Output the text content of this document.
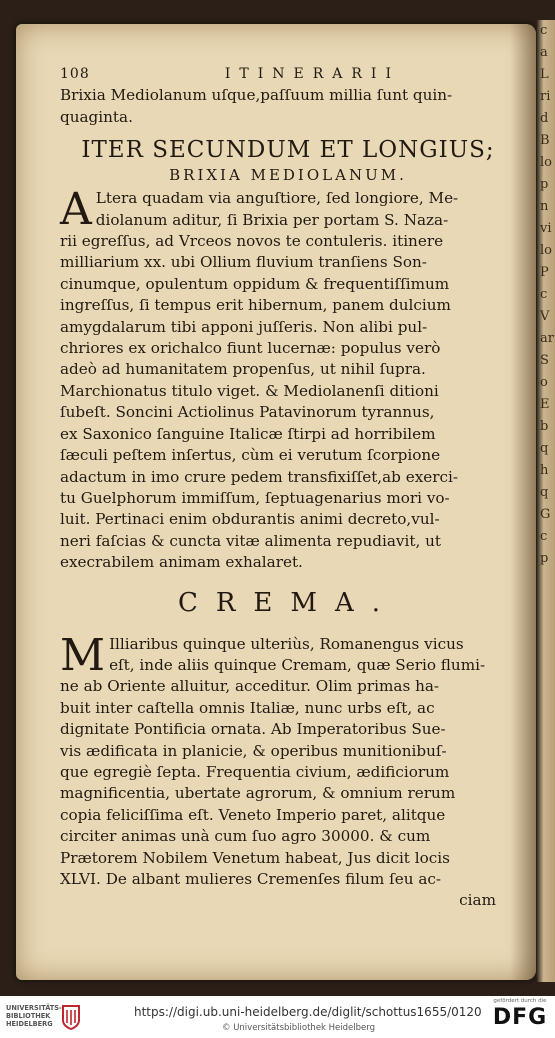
108	ITINERARII
Brixia Mediolanum uſque,paſſuum millia ſunt quin-
quaginta.
ITER SECUNDUM ET LONGIUS;
BRIXIA MEDIOLANUM.
A Ltera quadam via anguſtiore, ſed longiore, Me-
diolanum aditur, ſi Brixia per portam S. Naza-
rii egreſſus, ad Vrceos novos te contuleris. itinere
milliarium xx. ubi Ollium fluvium tranſiens Son-
cinumque, opulentum oppidum & frequentiſſimum
ingreſſus, ſi tempus erit hibernum, panem dulcium
amygdalarum tibi apponi juſſeris. Non alibi pul-
chriores ex orichalco fiunt lucernæ: populus verò
adeò ad humanitatem propenſus, ut nihil ſupra.
Marchionatus titulo viget. & Mediolanenſi ditioni
ſubeſt. Soncini Actiolinus Patavinorum tyrannus,
ex Saxonico ſanguine Italicæ ſtirpi ad horribilem
ſæculi peſtem inſertus, cùm ei verutum ſcorpione
adactum in imo crure pedem transfixiſſet,ab exerci-
tu Guelphorum immiſſum, ſeptuagenarius mori vo-
luit. Pertinaci enim obdurantis animi decreto,vul-
neri faſcias & cuncta vitæ alimenta repudiavit, ut
execrabilem animam exhalaret.
CREMA.
M Illiaribus quinque ulteriùs, Romanengus vicus
eſt, inde aliis quinque Cremam, quæ Serio flumi-
ne ab Oriente alluitur, acceditur. Olim primas ha-
buit inter caſtella omnis Italiæ, nunc urbs eſt, ac
dignitate Pontificia ornata. Ab Imperatoribus Sue-
vis ædificata in planicie, & operibus munitionibuſ-
que egregiè ſepta. Frequentia civium, ædificiorum
magnificentia, ubertate agrorum, & omnium rerum
copia feliciſſima eſt. Veneto Imperio paret, alitque
circiter animas unà cum ſuo agro 30000. & cum
Prætorem Nobilem Venetum habeat, Jus dicit locis
XLVI. De albant mulieres Cremenſes filum ſeu ac-
ciam
c
a
L
ri
d
B
lo
p
n
vi
lo
P
c
V
ar
S
o
E
b
q
h
q
G
c
p
UNIVERSITÄTS-
BIBLIOTHEK
HEIDELBERG
https://digi.ub.uni-heidelberg.de/diglit/schottus1655/0120
© Universitätsbibliothek Heidelberg
gefördert durch die
DFG
